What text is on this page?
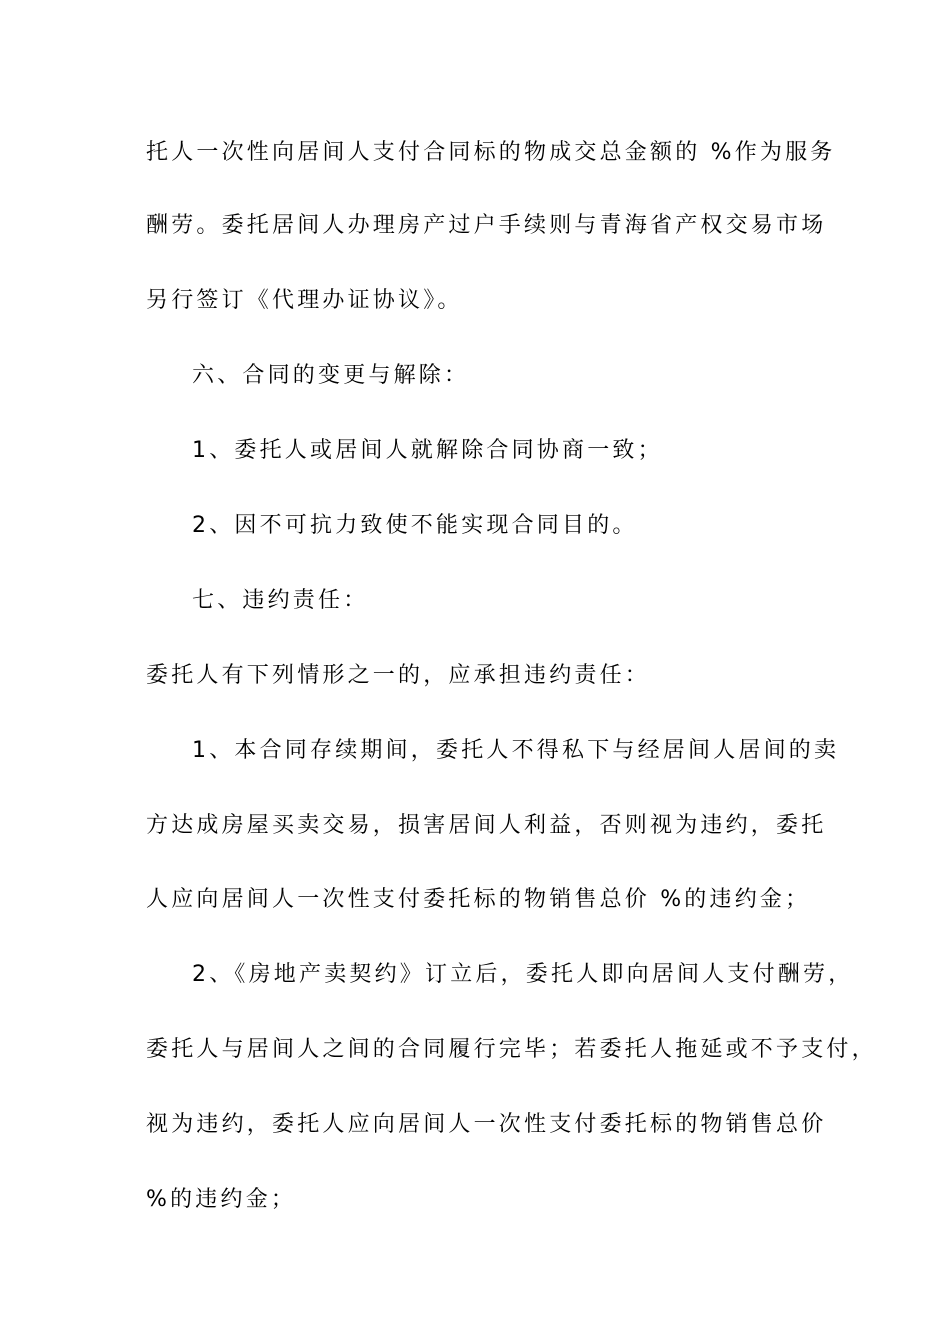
托人一次性向居间人支付合同标的物成交总金额的 %作为服务
酬劳。委托居间人办理房产过户手续则与青海省产权交易市场
另行签订《代理办证协议》。
六、合同的变更与解除：
1、委托人或居间人就解除合同协商一致；
2、因不可抗力致使不能实现合同目的。
七、违约责任：
委托人有下列情形之一的，应承担违约责任：
1、本合同存续期间，委托人不得私下与经居间人居间的卖
方达成房屋买卖交易，损害居间人利益，否则视为违约，委托
人应向居间人一次性支付委托标的物销售总价 %的违约金；
2、《房地产卖契约》订立后，委托人即向居间人支付酬劳，
委托人与居间人之间的合同履行完毕；若委托人拖延或不予支付，
视为违约，委托人应向居间人一次性支付委托标的物销售总价
%的违约金；
